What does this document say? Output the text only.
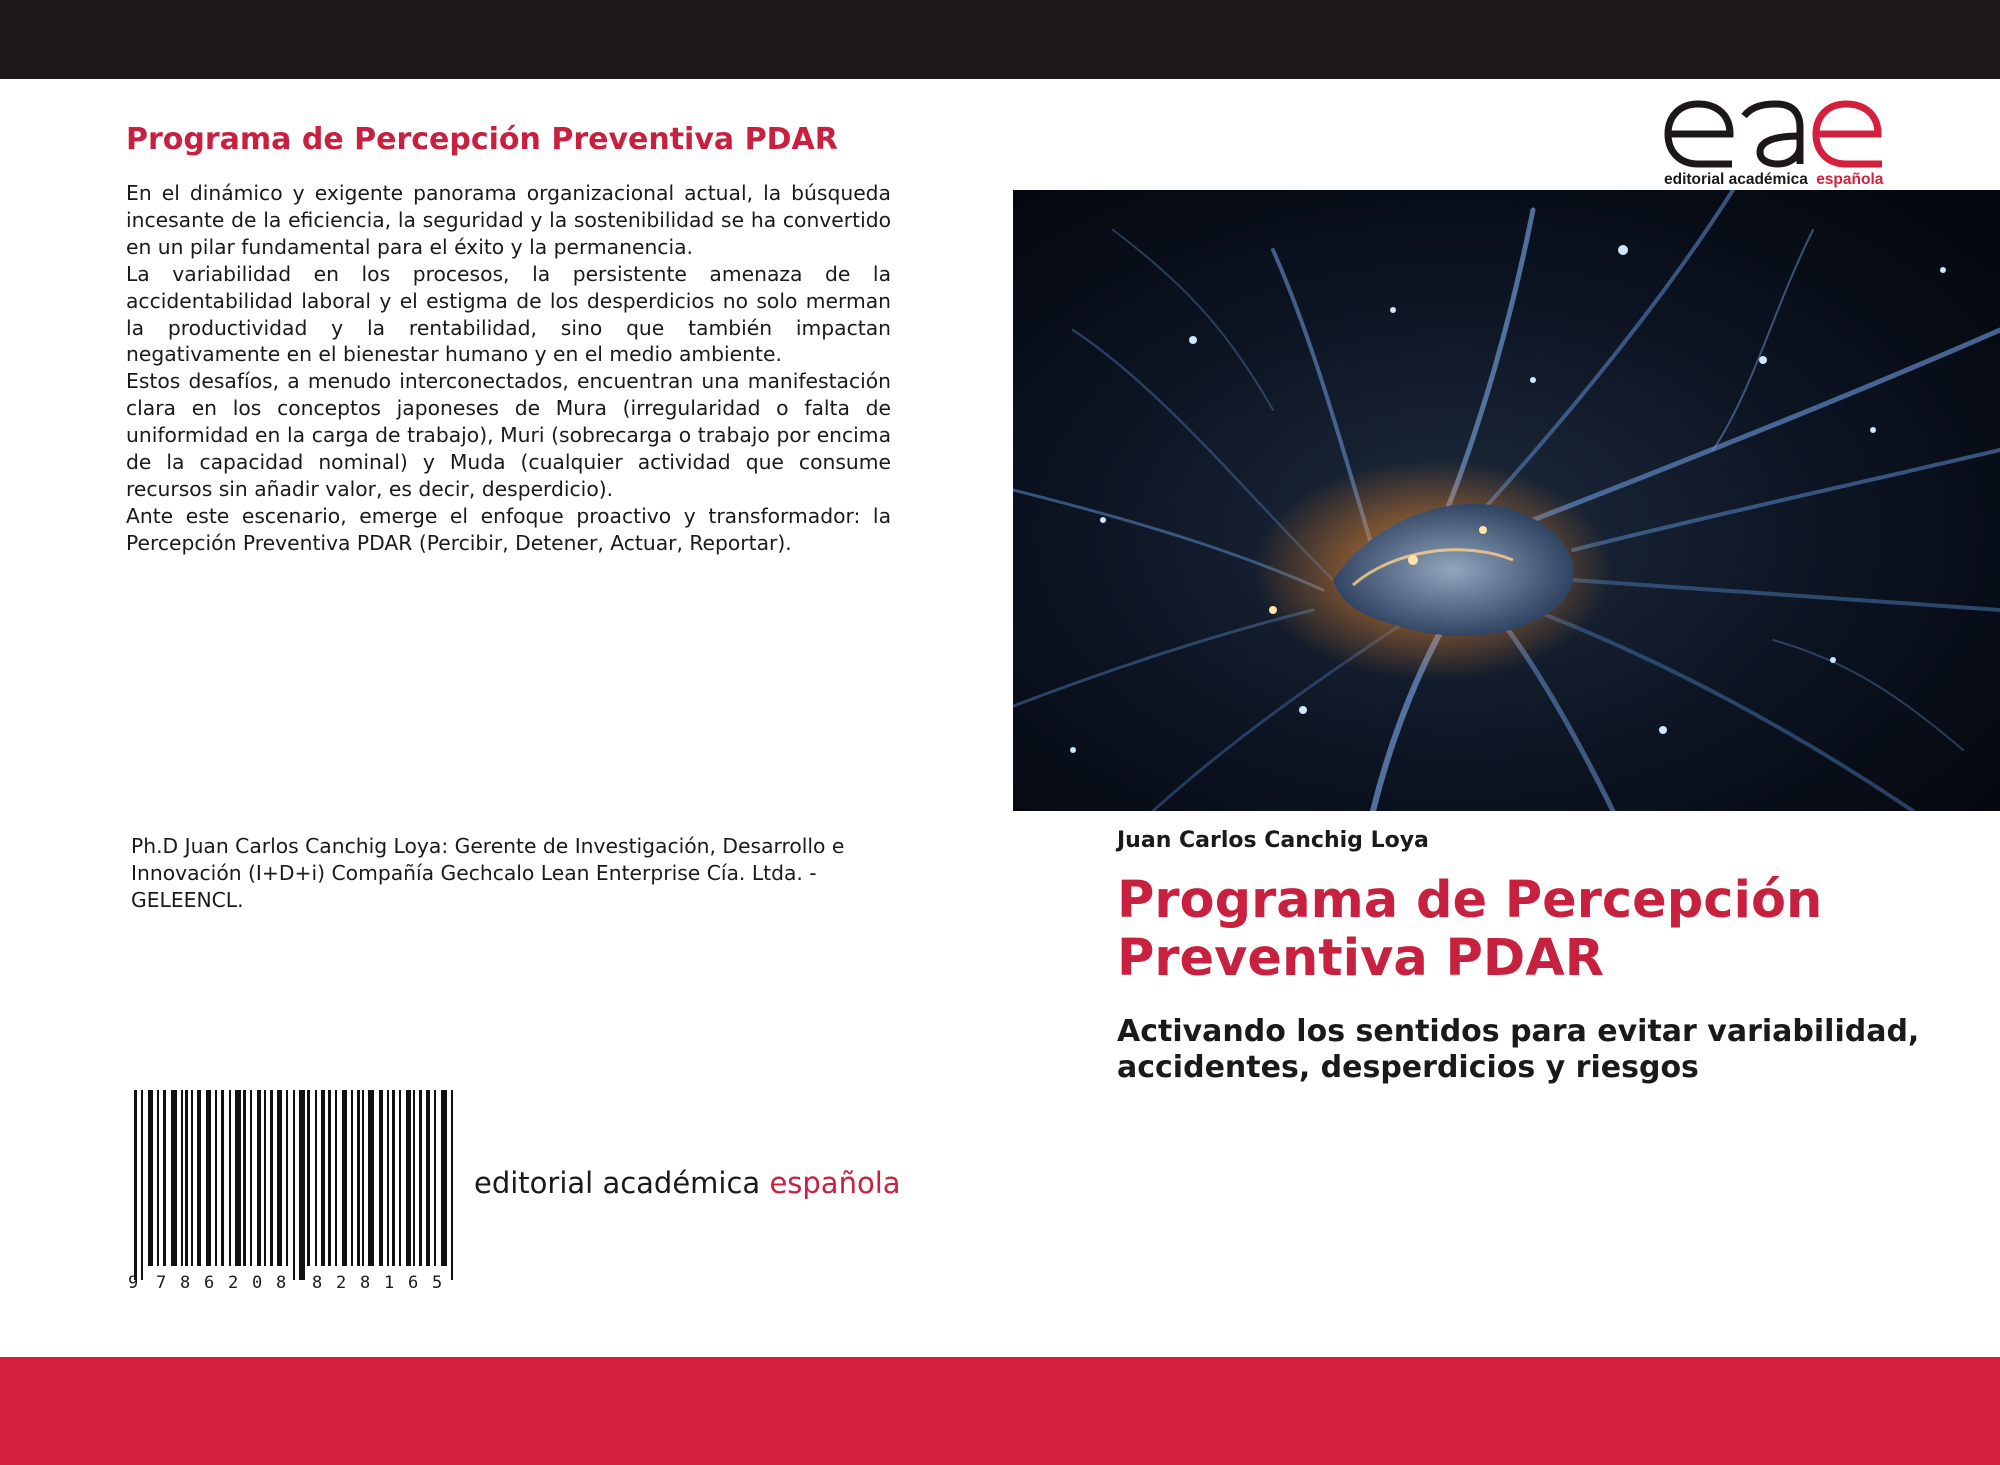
Programa de Percepción Preventiva PDAR

En el dinámico y exigente panorama organizacional actual, la búsqueda incesante de la eficiencia, la seguridad y la sostenibilidad se ha convertido en un pilar fundamental para el éxito y la permanencia.

La variabilidad en los procesos, la persistente amenaza de la accidentabilidad laboral y el estigma de los desperdicios no solo merman la productividad y la rentabilidad, sino que también impactan negativamente en el bienestar humano y en el medio ambiente.

Estos desafíos, a menudo interconectados, encuentran una manifestación clara en los conceptos japoneses de Mura (irregularidad o falta de uniformidad en la carga de trabajo), Muri (sobrecarga o trabajo por encima de la capacidad nominal) y Muda (cualquier actividad que consume recursos sin añadir valor, es decir, desperdicio).

Ante este escenario, emerge el enfoque proactivo y transformador: la Percepción Preventiva PDAR (Percibir, Detener, Actuar, Reportar).

Ph.D Juan Carlos Canchig Loya: Gerente de Investigación, Desarrollo e Innovación (I+D+i) Compañía Gechcalo Lean Enterprise Cía. Ltda. - GELEENCL.
9 7 8 6 2 0 8 8 2 8 1 6 5
editorial académica española
editorial académica española
Juan Carlos Canchig Loya
Programa de Percepción Preventiva PDAR
Activando los sentidos para evitar variabilidad, accidentes, desperdicios y riesgos
